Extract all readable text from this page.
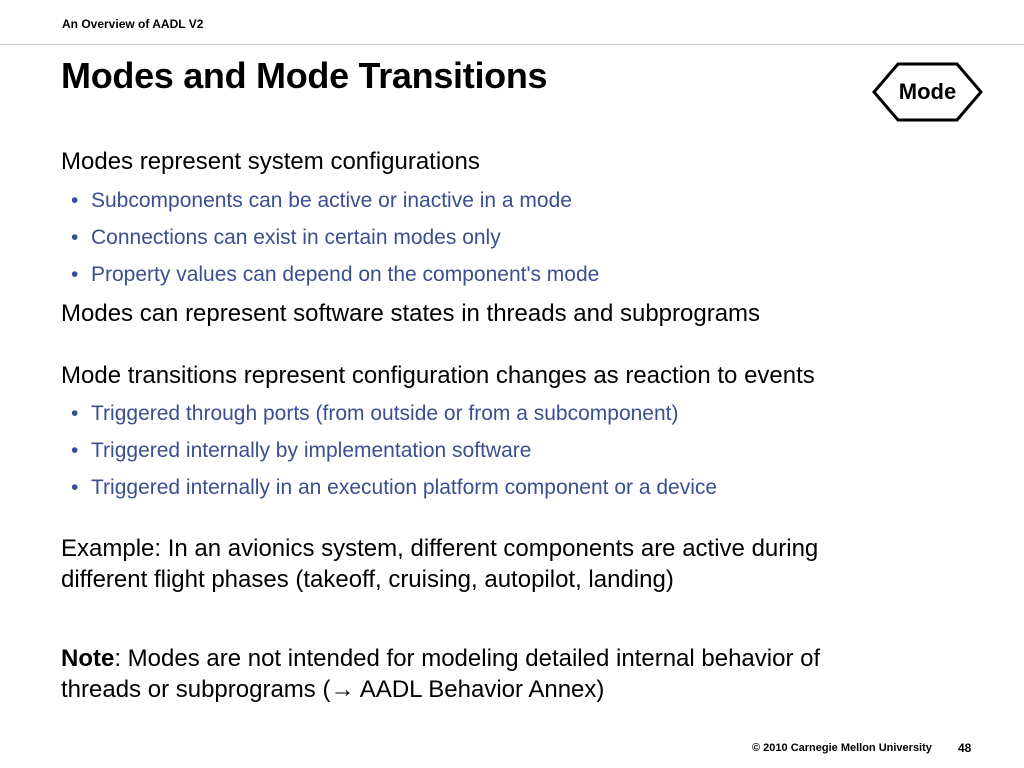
An Overview of AADL V2
Modes and Mode Transitions	Mode

Modes represent system configurations

• Subcomponents can be active or inactive in a mode

• Connections can exist in certain modes only

• Property values can depend on the component's mode

Modes can represent software states in threads and subprograms

Mode transitions represent configuration changes as reaction to events

• Triggered through ports (from outside or from a subcomponent)

• Triggered internally by implementation software

• Triggered internally in an execution platform component or a device

Example: In an avionics system, different components are active during
different flight phases (takeoff, cruising, autopilot, landing)

Note: Modes are not intended for modeling detailed internal behavior of
threads or subprograms (→ AADL Behavior Annex)

© 2010 Carnegie Mellon University 48
